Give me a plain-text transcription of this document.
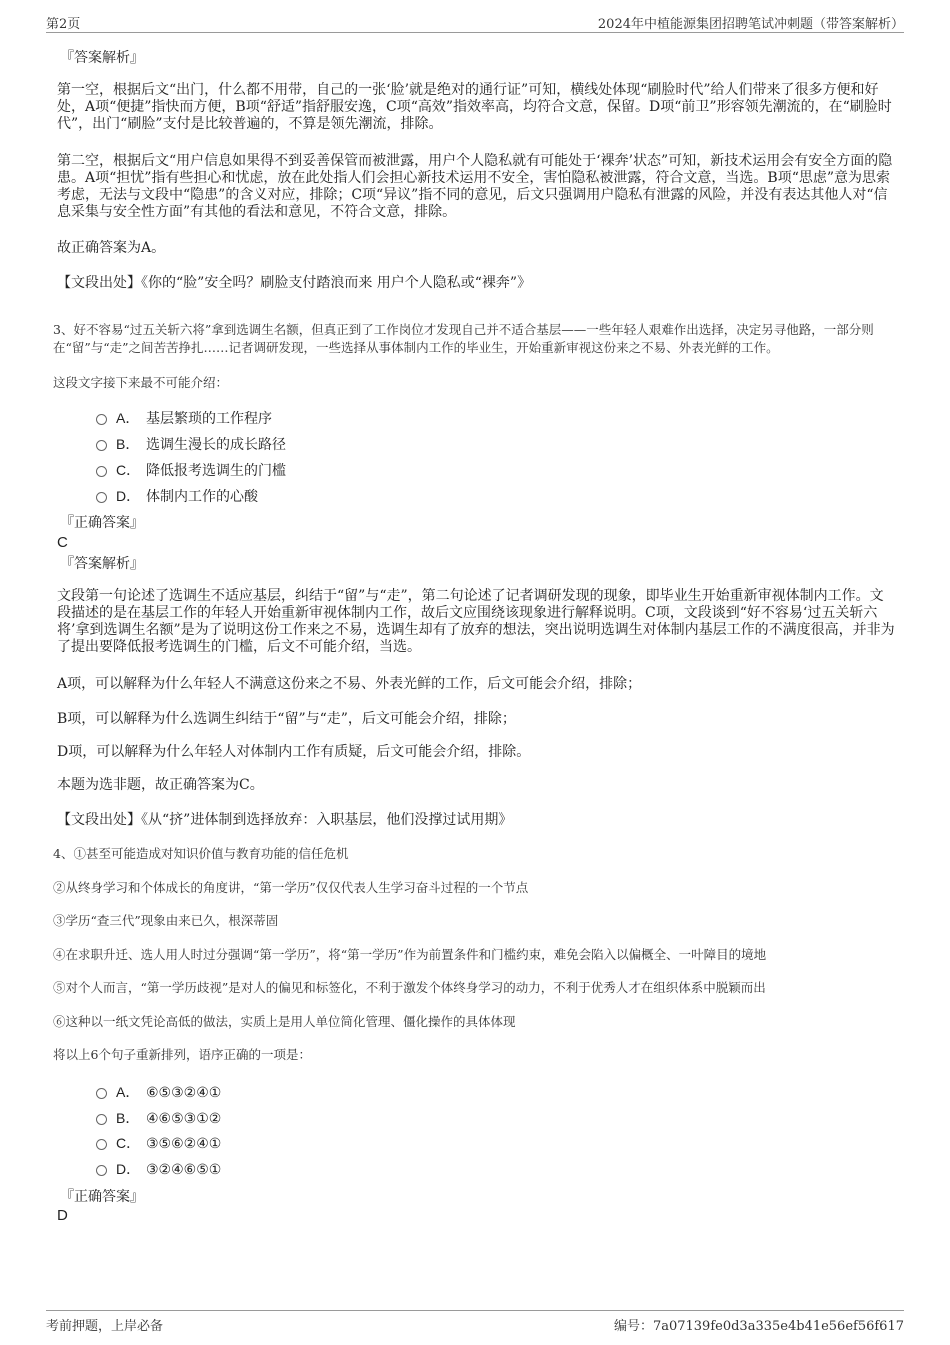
第2页	2024年中植能源集团招聘笔试冲刺题（带答案解析）
『答案解析』
第一空，根据后文“出门，什么都不用带，自己的一张‘脸’就是绝对的通行证”可知，横线处体现“刷脸时代”给人们带来了很多方便和好处，A项“便捷”指快而方便，B项“舒适”指舒服安逸，C项“高效”指效率高，均符合文意，保留。D项“前卫”形容领先潮流的，在“刷脸时代”，出门“刷脸”支付是比较普遍的，不算是领先潮流，排除。
第二空，根据后文“用户信息如果得不到妥善保管而被泄露，用户个人隐私就有可能处于‘裸奔’状态”可知，新技术运用会有安全方面的隐患。A项“担忧”指有些担心和忧虑，放在此处指人们会担心新技术运用不安全，害怕隐私被泄露，符合文意，当选。B项“思虑”意为思索考虑，无法与文段中“隐患”的含义对应，排除；C项“异议”指不同的意见，后文只强调用户隐私有泄露的风险，并没有表达其他人对“信息采集与安全性方面”有其他的看法和意见，不符合文意，排除。
故正确答案为A。
【文段出处】《你的“脸”安全吗？刷脸支付踏浪而来 用户个人隐私或“裸奔”》
3、好不容易“过五关斩六将”拿到选调生名额，但真正到了工作岗位才发现自己并不适合基层——一些年轻人艰难作出选择，决定另寻他路，一部分则在“留”与“走”之间苦苦挣扎……记者调研发现，一些选择从事体制内工作的毕业生，开始重新审视这份来之不易、外表光鲜的工作。
这段文字接下来最不可能介绍：
A． 基层繁琐的工作程序
B． 选调生漫长的成长路径
C． 降低报考选调生的门槛
D． 体制内工作的心酸
『正确答案』
C
『答案解析』
文段第一句论述了选调生不适应基层，纠结于“留”与“走”，第二句论述了记者调研发现的现象，即毕业生开始重新审视体制内工作。文段描述的是在基层工作的年轻人开始重新审视体制内工作，故后文应围绕该现象进行解释说明。C项，文段谈到“好不容易‘过五关斩六将’拿到选调生名额”是为了说明这份工作来之不易，选调生却有了放弃的想法，突出说明选调生对体制内基层工作的不满度很高，并非为了提出要降低报考选调生的门槛，后文不可能介绍，当选。
A项，可以解释为什么年轻人不满意这份来之不易、外表光鲜的工作，后文可能会介绍，排除；
B项，可以解释为什么选调生纠结于“留”与“走”，后文可能会介绍，排除；
D项，可以解释为什么年轻人对体制内工作有质疑，后文可能会介绍，排除。
本题为选非题，故正确答案为C。
【文段出处】《从“挤”进体制到选择放弃：入职基层，他们没撑过试用期》
4、①甚至可能造成对知识价值与教育功能的信任危机
②从终身学习和个体成长的角度讲，“第一学历”仅仅代表人生学习奋斗过程的一个节点
③学历“查三代”现象由来已久，根深蒂固
④在求职升迁、选人用人时过分强调“第一学历”，将“第一学历”作为前置条件和门槛约束，难免会陷入以偏概全、一叶障目的境地
⑤对个人而言，“第一学历歧视”是对人的偏见和标签化，不利于激发个体终身学习的动力，不利于优秀人才在组织体系中脱颖而出
⑥这种以一纸文凭论高低的做法，实质上是用人单位简化管理、僵化操作的具体体现
将以上6个句子重新排列，语序正确的一项是：
A． ⑥⑤③②④①
B． ④⑥⑤③①②
C． ③⑤⑥②④①
D． ③②④⑥⑤①
『正确答案』
D
考前押题，上岸必备	编号：7a07139fe0d3a335e4b41e56ef56f617
